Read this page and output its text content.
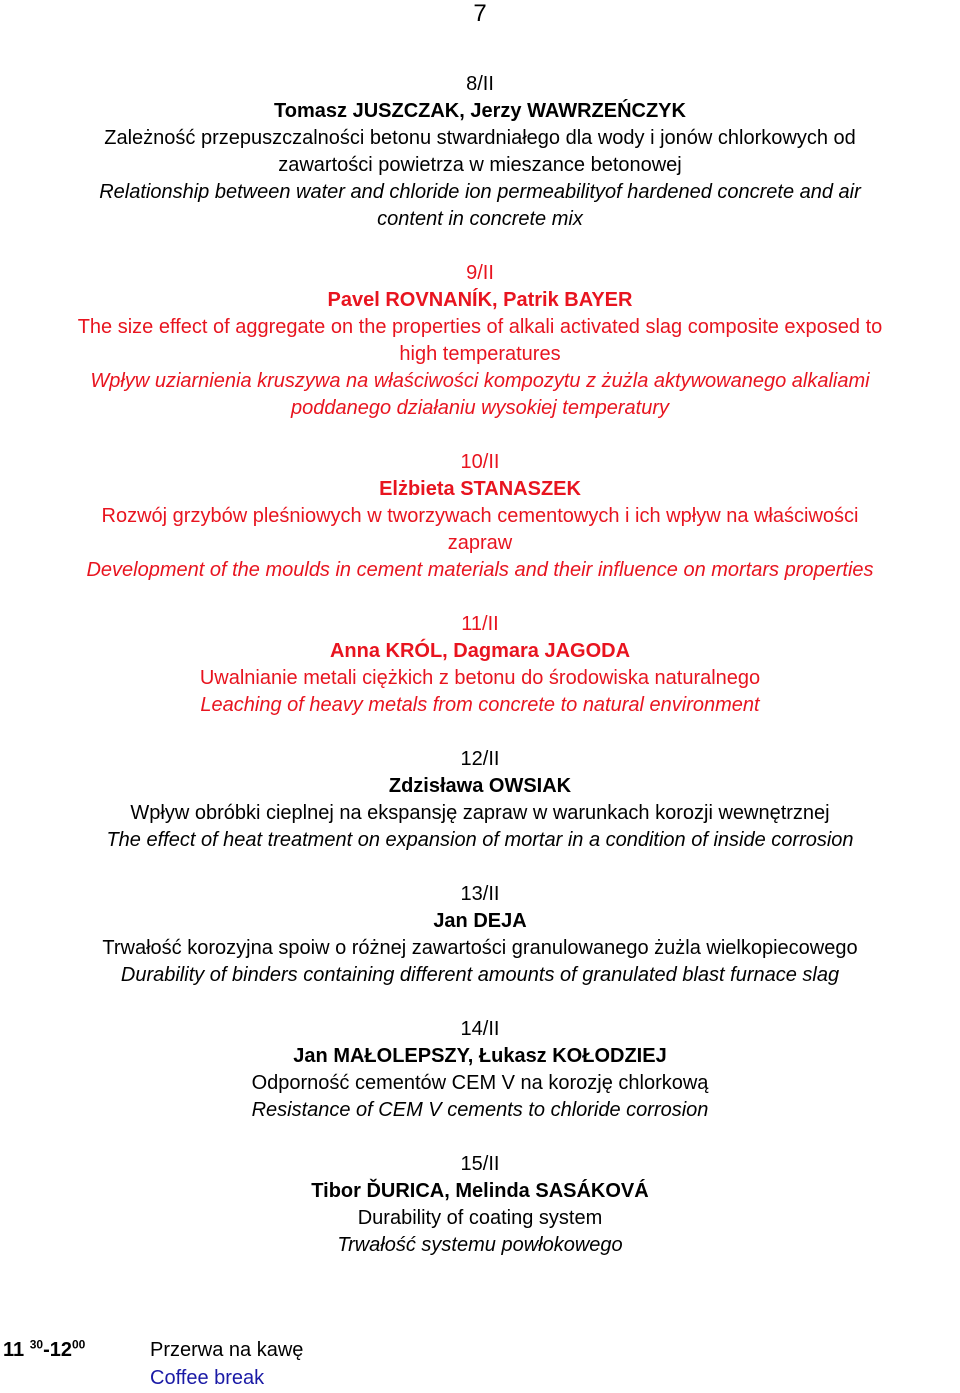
7
8/II
Tomasz JUSZCZAK, Jerzy WAWRZEŃCZYK
Zależność przepuszczalności betonu stwardniałego dla wody i jonów chlorkowych od
zawartości powietrza w mieszance betonowej
Relationship between water and chloride ion permeabilityof hardened concrete and air
content in concrete mix
9/II
Pavel ROVNANÍK, Patrik BAYER
The size effect of aggregate on the properties of alkali activated slag composite exposed to
high temperatures
Wpływ uziarnienia kruszywa na właściwości kompozytu z żużla aktywowanego alkaliami
poddanego działaniu wysokiej temperatury
10/II
Elżbieta STANASZEK
Rozwój grzybów pleśniowych w tworzywach cementowych i ich wpływ na właściwości
zapraw
Development of the moulds in cement materials and their influence on mortars properties
11/II
Anna KRÓL, Dagmara JAGODA
Uwalnianie metali ciężkich z betonu do środowiska naturalnego
Leaching of heavy metals from concrete to natural environment
12/II
Zdzisława OWSIAK
Wpływ obróbki cieplnej na ekspansję zapraw w warunkach korozji wewnętrznej
The effect of heat treatment on expansion of mortar in a condition of inside corrosion
13/II
Jan DEJA
Trwałość korozyjna spoiw o różnej zawartości granulowanego żużla wielkopiecowego
Durability of binders containing different amounts of granulated blast furnace slag
14/II
Jan MAŁOLEPSZY, Łukasz KOŁODZIEJ
Odporność cementów CEM V na korozję chlorkową
Resistance of CEM V cements to chloride corrosion
15/II
Tibor ĎURICA, Melinda SASÁKOVÁ
Durability of coating system
Trwałość systemu powłokowego
11 $^{30}-12^{00}$	Przerwa na kawę
Coffee break
